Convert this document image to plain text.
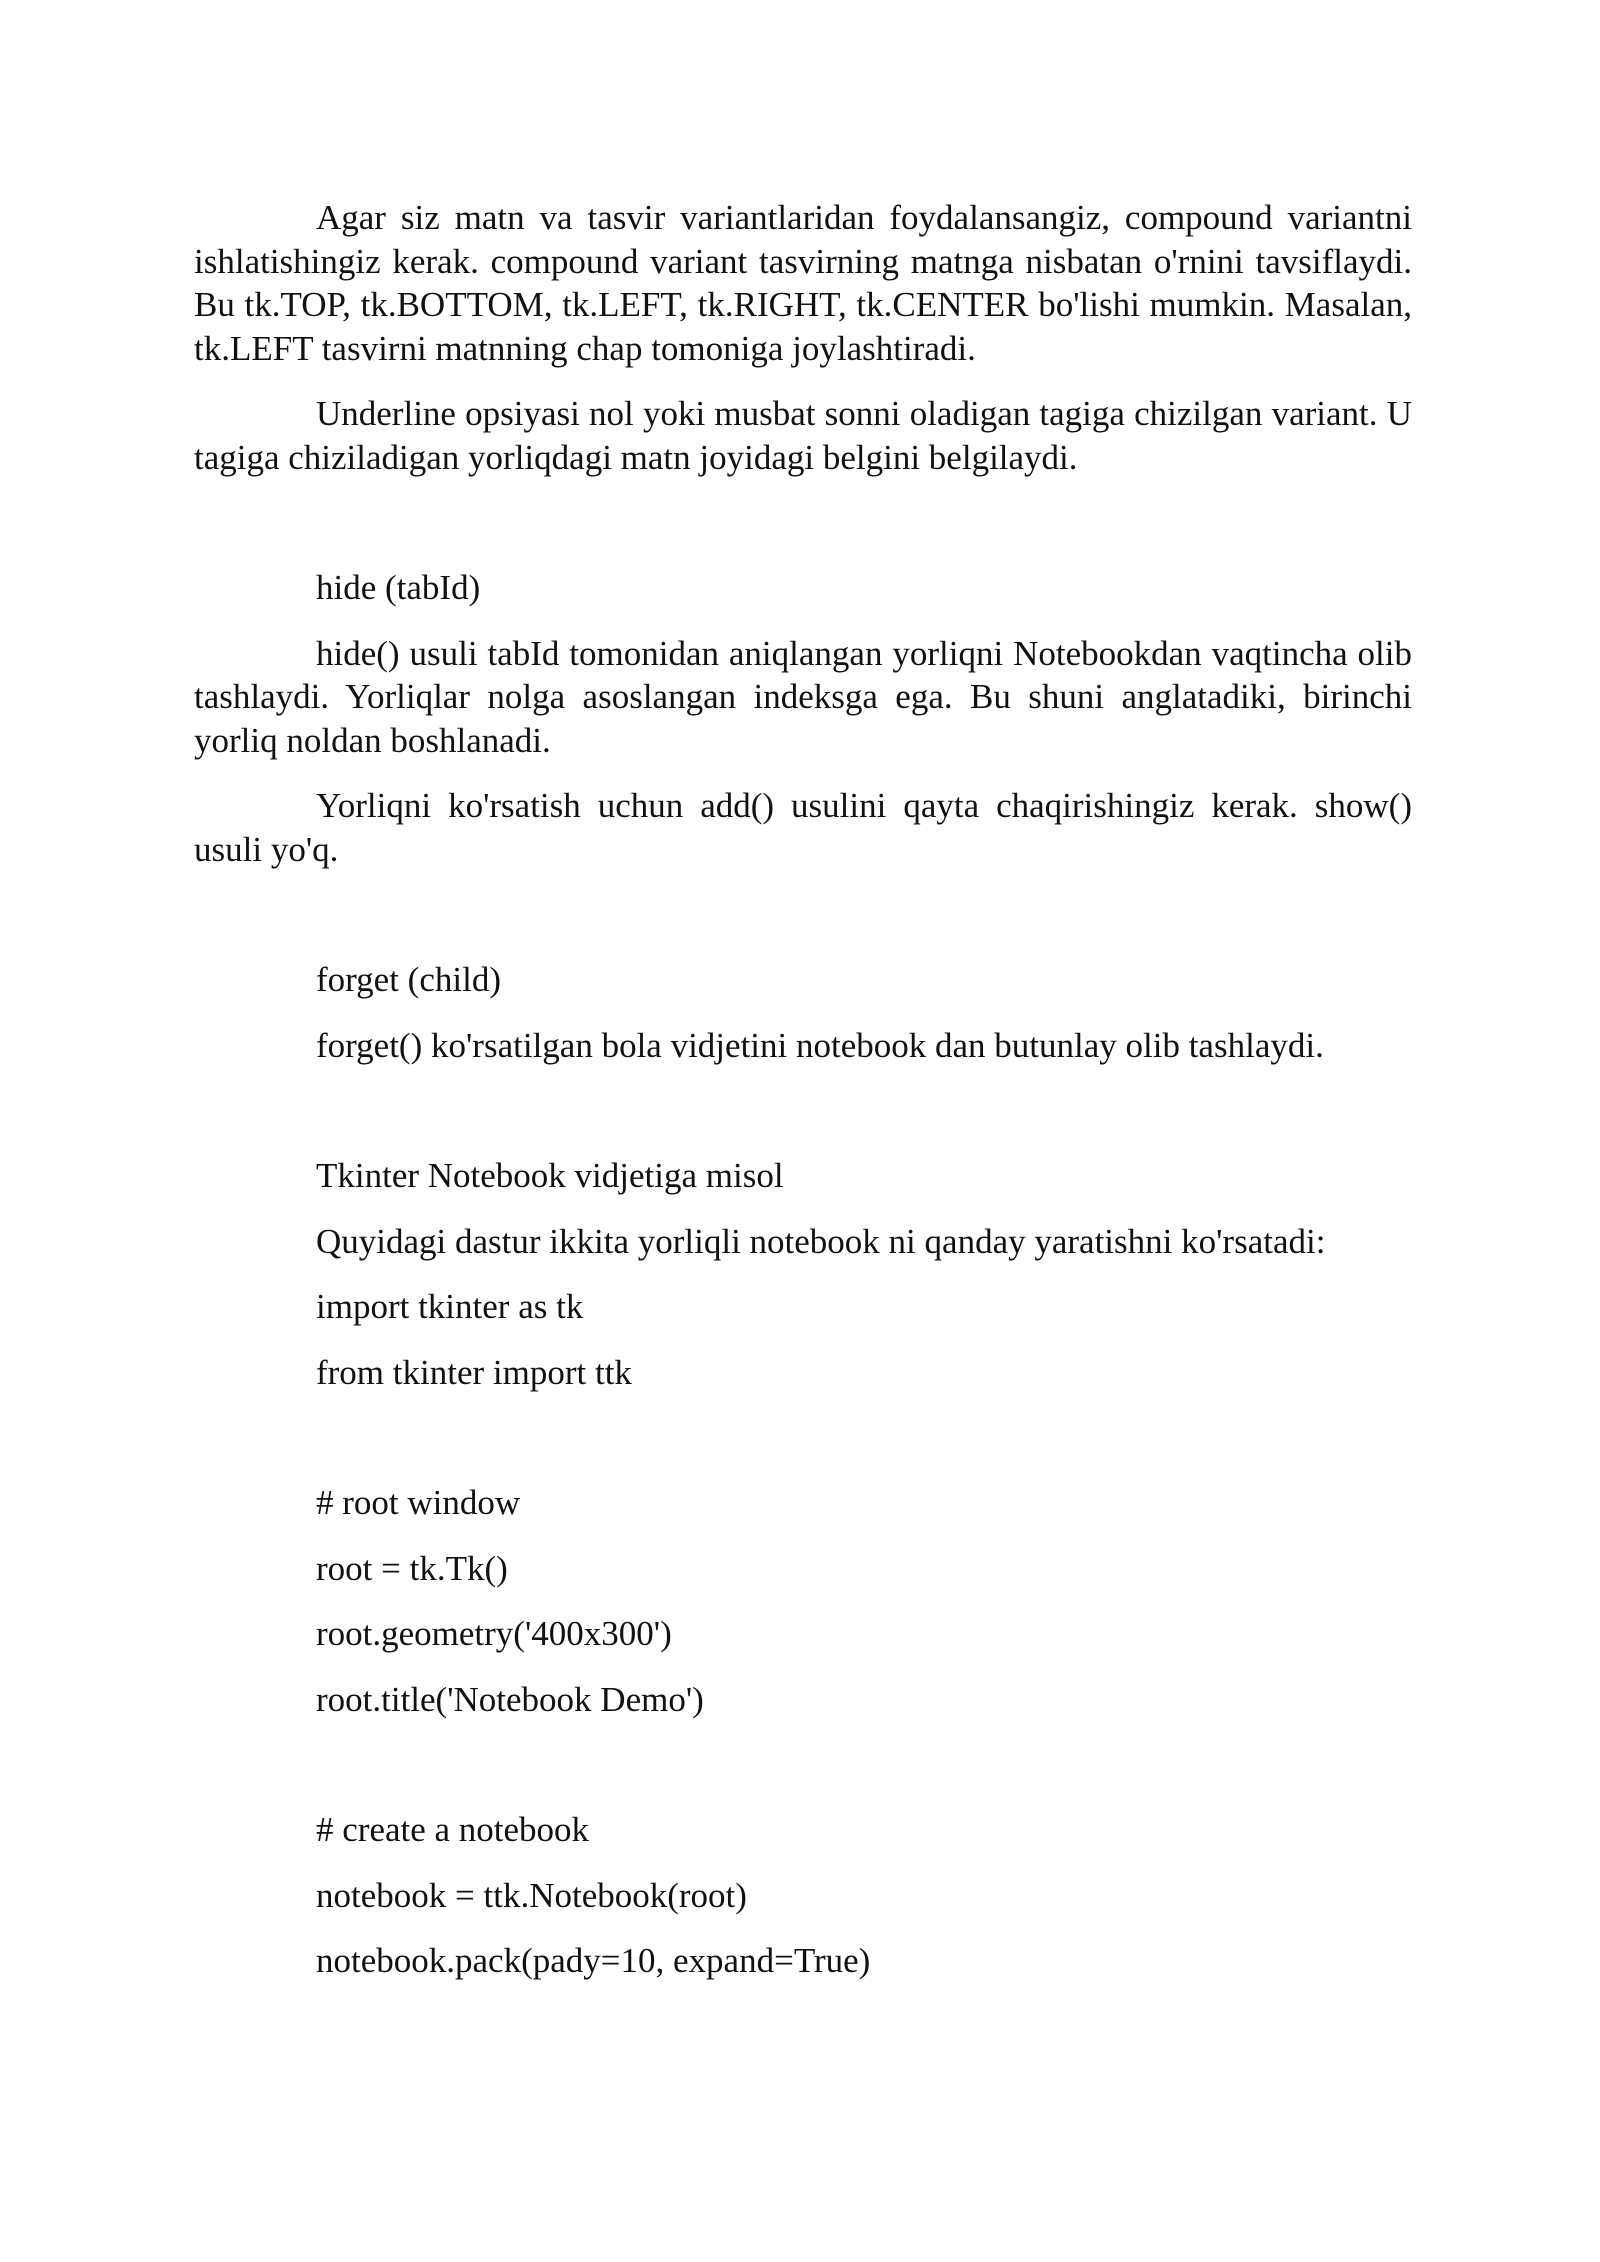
Agar siz matn va tasvir variantlaridan foydalansangiz, compound variantni ishlatishingiz kerak. compound variant tasvirning matnga nisbatan o'rnini tavsiflaydi. Bu tk.TOP, tk.BOTTOM, tk.LEFT, tk.RIGHT, tk.CENTER bo'lishi mumkin. Masalan, tk.LEFT tasvirni matnning chap tomoniga joylashtiradi.

Underline opsiyasi nol yoki musbat sonni oladigan tagiga chizilgan variant. U tagiga chiziladigan yorliqdagi matn joyidagi belgini belgilaydi.

hide (tabId)

hide() usuli tabId tomonidan aniqlangan yorliqni Notebookdan vaqtincha olib tashlaydi. Yorliqlar nolga asoslangan indeksga ega. Bu shuni anglatadiki, birinchi yorliq noldan boshlanadi.

Yorliqni ko'rsatish uchun add() usulini qayta chaqirishingiz kerak. show() usuli yo'q.

forget (child)

forget() ko'rsatilgan bola vidjetini notebook dan butunlay olib tashlaydi.

Tkinter Notebook vidjetiga misol

Quyidagi dastur ikkita yorliqli notebook ni qanday yaratishni ko'rsatadi:

import tkinter as tk

from tkinter import ttk

# root window

root = tk.Tk()

root.geometry('400x300')

root.title('Notebook Demo')

# create a notebook

notebook = ttk.Notebook(root)

notebook.pack(pady=10, expand=True)
